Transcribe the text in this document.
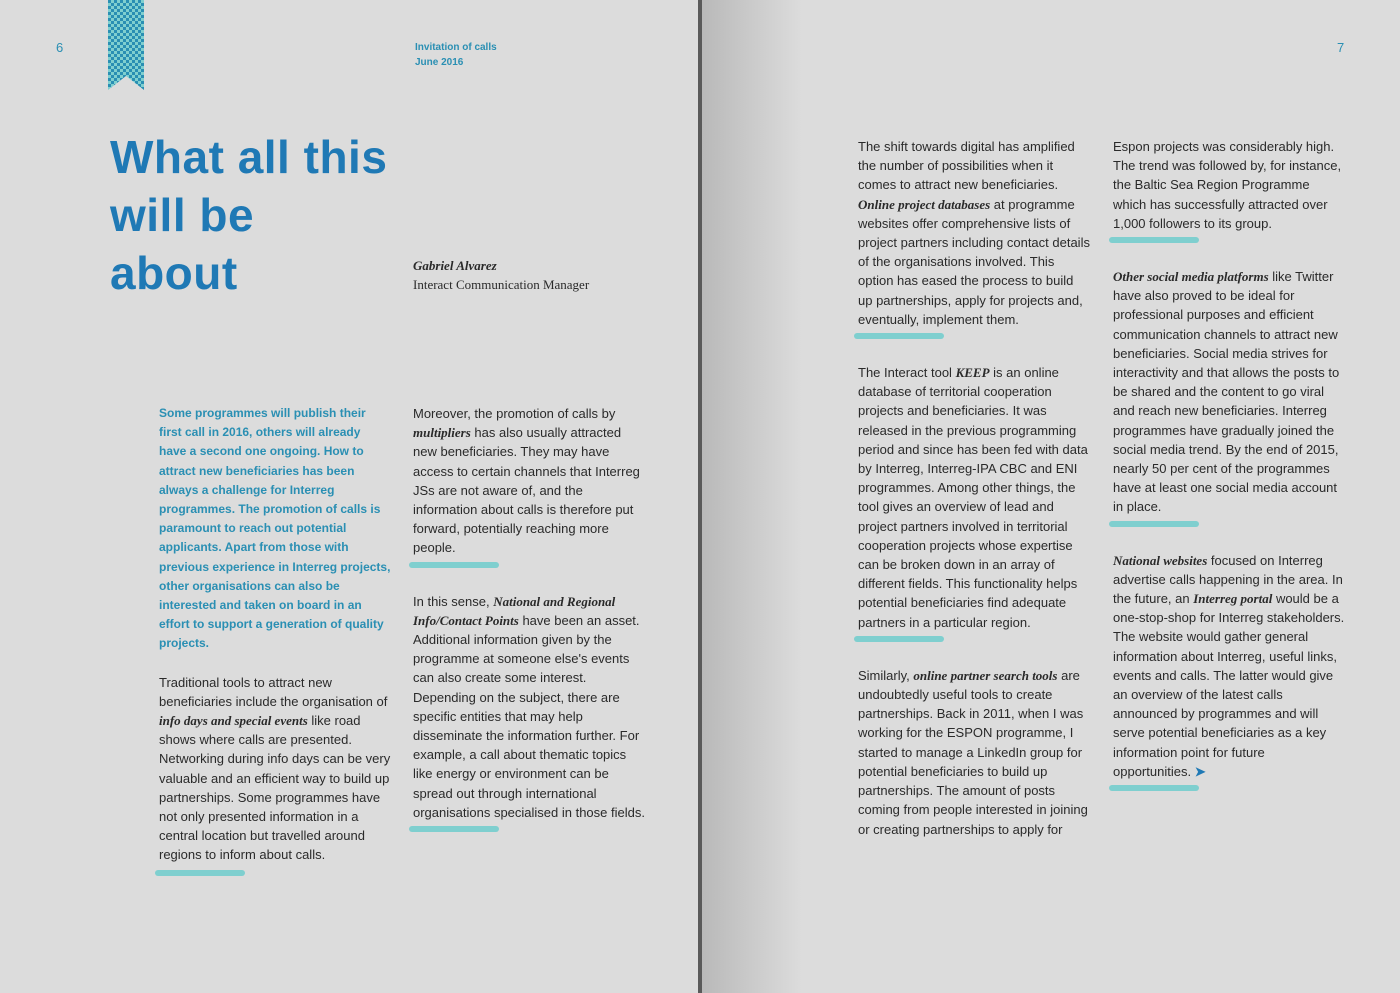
6	7
Invitation of calls
June 2016
What all this will be about	Gabriel Alvarez
Interact Communication Manager

Some programmes will publish their first call in 2016, others will already have a second one ongoing. How to attract new beneficiaries has been always a challenge for Interreg programmes. The promotion of calls is paramount to reach out potential applicants. Apart from those with previous experience in Interreg projects, other organisations can also be interested and taken on board in an effort to support a generation of quality projects.

Traditional tools to attract new beneficiaries include the organisation of info days and special events like road shows where calls are presented. Networking during info days can be very valuable and an efficient way to build up partnerships. Some programmes have not only presented information in a central location but travelled around regions to inform about calls.

Moreover, the promotion of calls by multipliers has also usually attracted new beneficiaries. They may have access to certain channels that Interreg JSs are not aware of, and the information about calls is therefore put forward, potentially reaching more people.

In this sense, National and Regional Info/Contact Points have been an asset. Additional information given by the programme at someone else's events can also create some interest. Depending on the subject, there are specific entities that may help disseminate the information further. For example, a call about thematic topics like energy or environment can be spread out through international organisations specialised in those fields.

The shift towards digital has amplified the number of possibilities when it comes to attract new beneficiaries. Online project databases at programme websites offer comprehensive lists of project partners including contact details of the organisations involved. This option has eased the process to build up partnerships, apply for projects and, eventually, implement them.

The Interact tool KEEP is an online database of territorial cooperation projects and beneficiaries. It was released in the previous programming period and since has been fed with data by Interreg, Interreg-IPA CBC and ENI programmes. Among other things, the tool gives an overview of lead and project partners involved in territorial cooperation projects whose expertise can be broken down in an array of different fields. This functionality helps potential beneficiaries find adequate partners in a particular region.

Similarly, online partner search tools are undoubtedly useful tools to create partnerships. Back in 2011, when I was working for the ESPON programme, I started to manage a LinkedIn group for potential beneficiaries to build up partnerships. The amount of posts coming from people interested in joining or creating partnerships to apply for

Espon projects was considerably high. The trend was followed by, for instance, the Baltic Sea Region Programme which has successfully attracted over 1,000 followers to its group.

Other social media platforms like Twitter have also proved to be ideal for professional purposes and efficient communication channels to attract new beneficiaries. Social media strives for interactivity and that allows the posts to be shared and the content to go viral and reach new beneficiaries. Interreg programmes have gradually joined the social media trend. By the end of 2015, nearly 50 per cent of the programmes have at least one social media account in place.

National websites focused on Interreg advertise calls happening in the area. In the future, an Interreg portal would be a one-stop-shop for Interreg stakeholders. The website would gather general information about Interreg, useful links, events and calls. The latter would give an overview of the latest calls announced by programmes and will serve potential beneficiaries as a key information point for future opportunities. ➤
